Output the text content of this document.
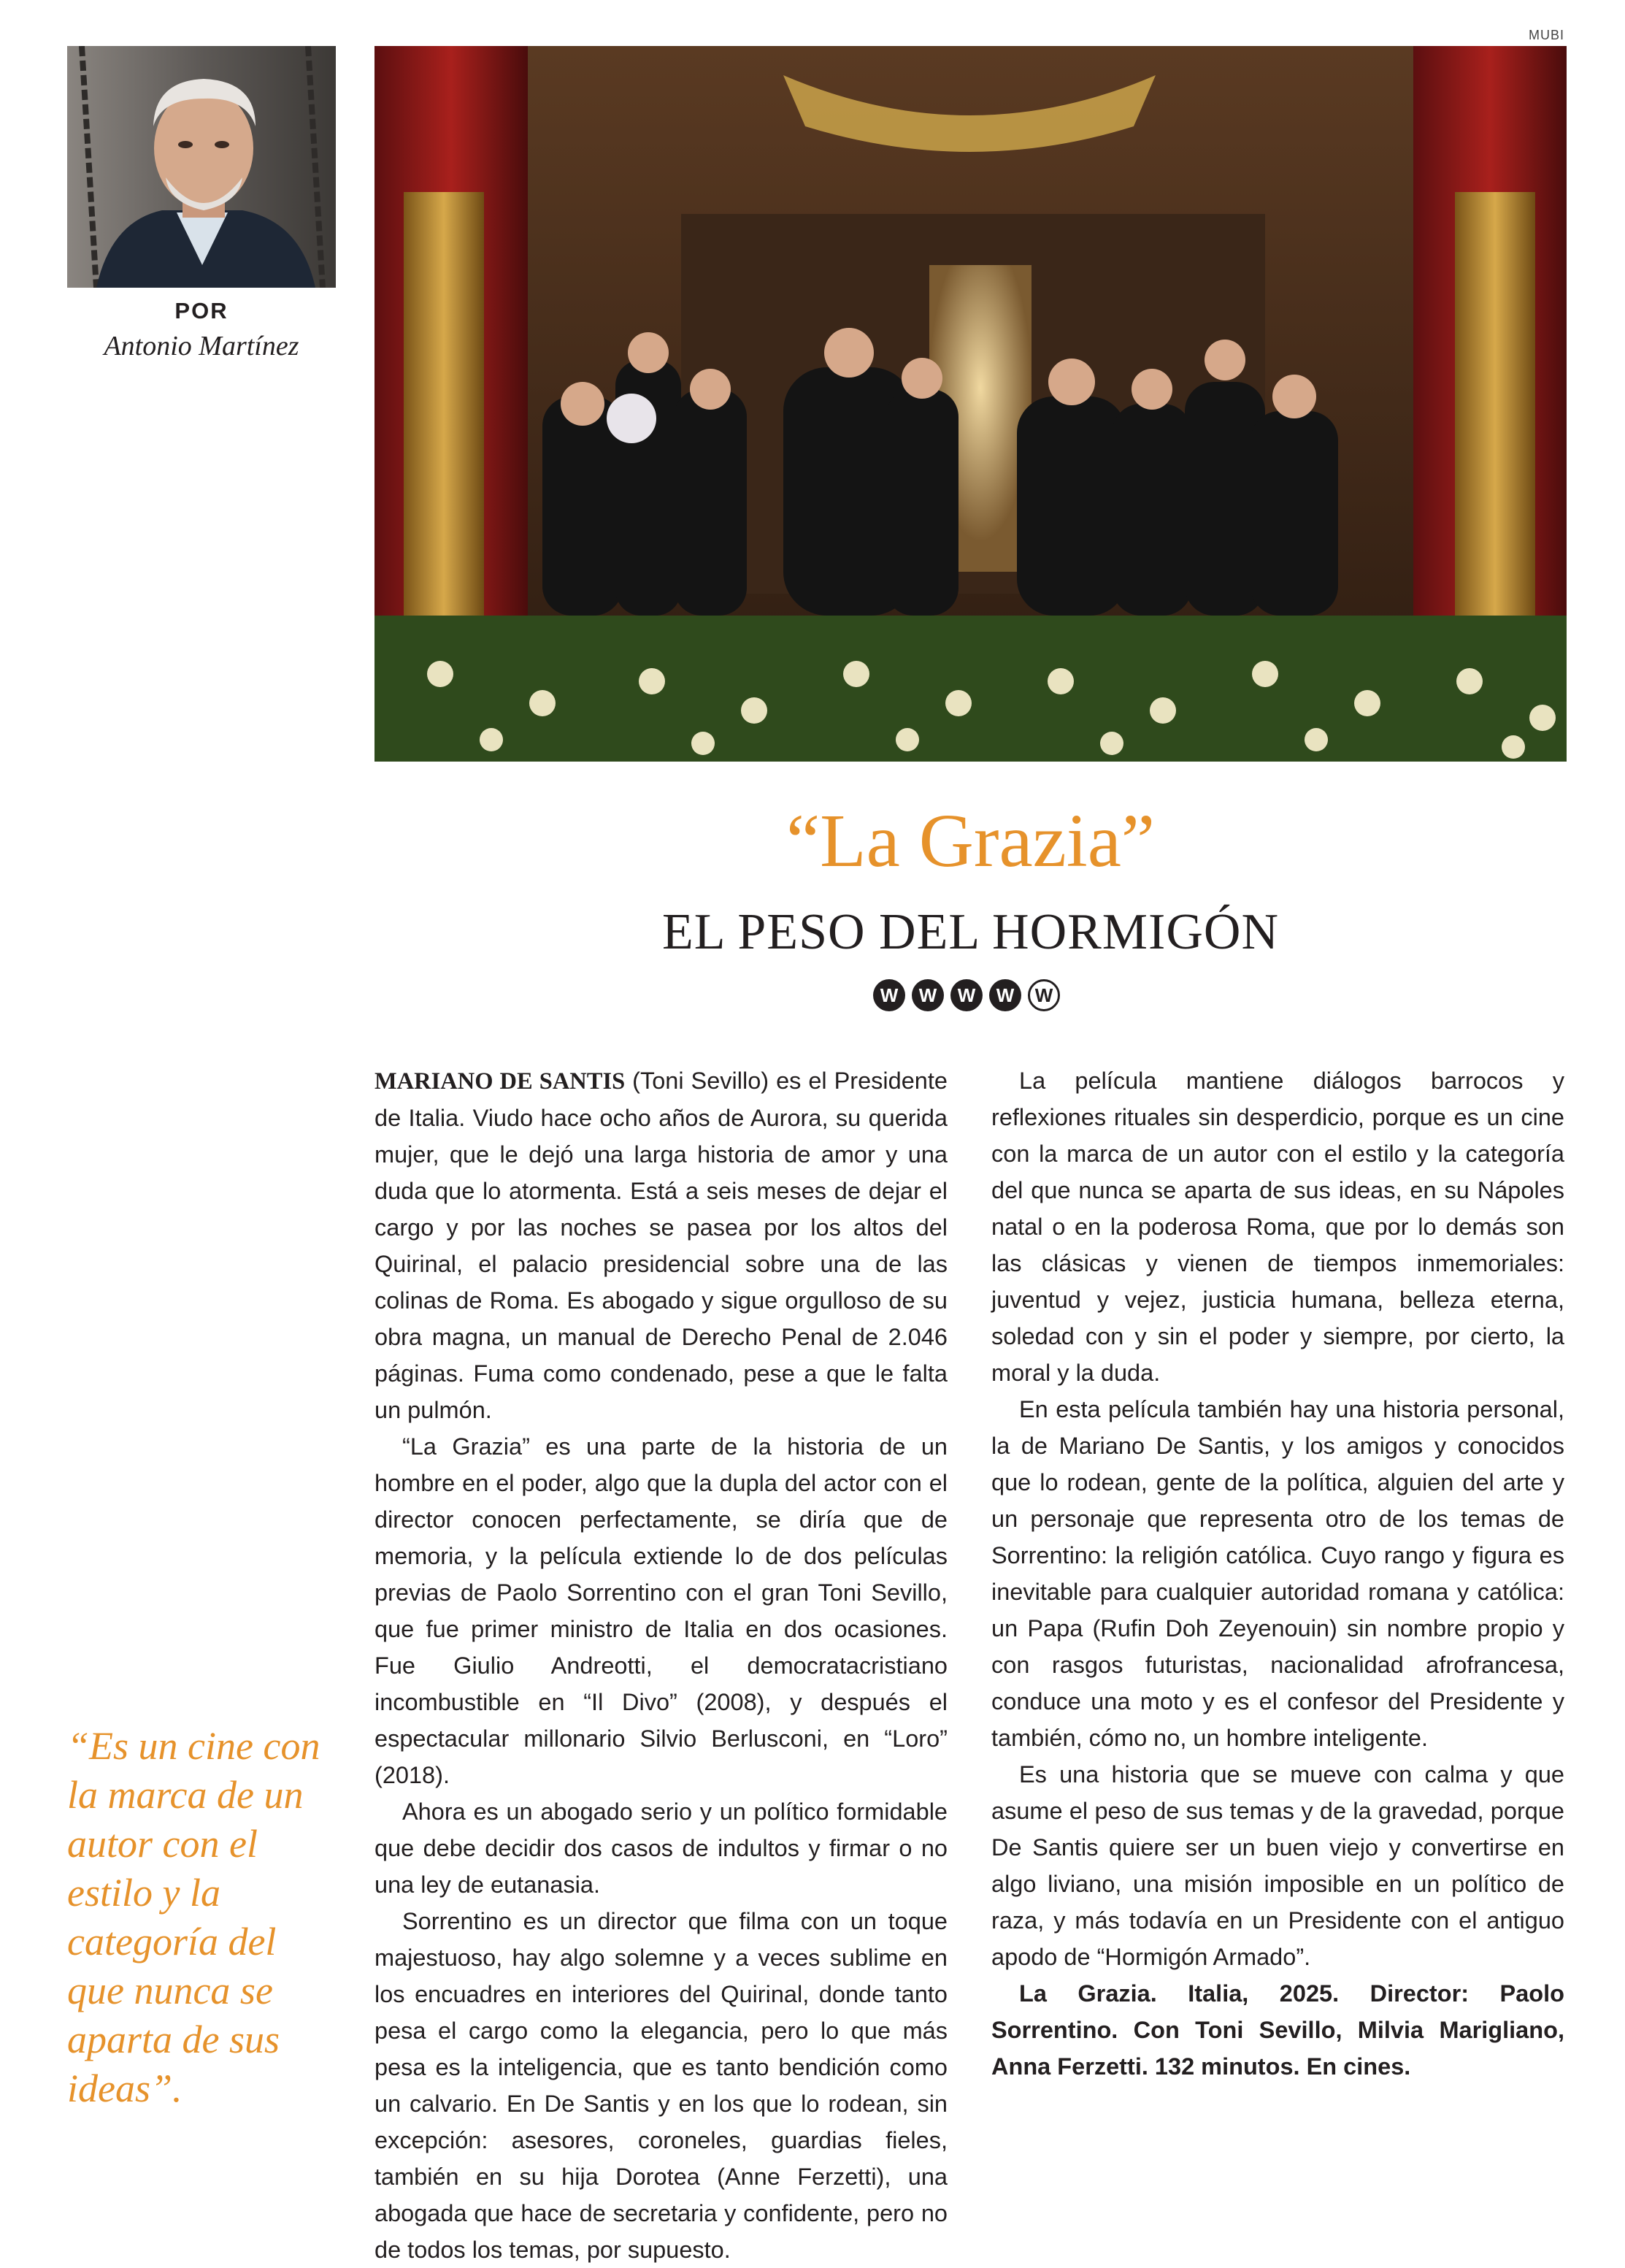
MUBI
POR
Antonio Martínez
“La Grazia”
EL PESO DEL HORMIGÓN
W	W	W	W	W

MARIANO DE SANTIS (Toni Sevillo) es el Presidente de Italia. Viudo hace ocho años de Aurora, su querida mujer, que le dejó una larga historia de amor y una duda que lo atormenta. Está a seis meses de dejar el cargo y por las noches se pasea por los altos del Quirinal, el palacio presidencial sobre una de las colinas de Roma. Es abogado y sigue orgulloso de su obra magna, un manual de Derecho Penal de 2.046 páginas. Fuma como condenado, pese a que le falta un pulmón.

“La Grazia” es una parte de la historia de un hombre en el poder, algo que la dupla del actor con el director conocen perfectamente, se diría que de memoria, y la película extiende lo de dos películas previas de Paolo Sorrentino con el gran Toni Sevillo, que fue primer ministro de Italia en dos ocasiones. Fue Giulio Andreotti, el democratacristiano incombustible en “Il Divo” (2008), y después el espectacular millonario Silvio Berlusconi, en “Loro” (2018).

Ahora es un abogado serio y un político formidable que debe decidir dos casos de indultos y firmar o no una ley de eutanasia.

Sorrentino es un director que filma con un toque majestuoso, hay algo solemne y a veces sublime en los encuadres en interiores del Quirinal, donde tanto pesa el cargo como la elegancia, pero lo que más pesa es la inteligencia, que es tanto bendición como un calvario. En De Santis y en los que lo rodean, sin excepción: asesores, coroneles, guardias fieles, también en su hija Dorotea (Anne Ferzetti), una abogada que hace de secretaria y confidente, pero no de todos los temas, por supuesto.

La película mantiene diálogos barrocos y reflexiones rituales sin desperdicio, porque es un cine con la marca de un autor con el estilo y la categoría del que nunca se aparta de sus ideas, en su Nápoles natal o en la poderosa Roma, que por lo demás son las clásicas y vienen de tiempos inmemoriales: juventud y vejez, justicia humana, belleza eterna, soledad con y sin el poder y siempre, por cierto, la moral y la duda.

En esta película también hay una historia personal, la de Mariano De Santis, y los amigos y conocidos que lo rodean, gente de la política, alguien del arte y un personaje que representa otro de los temas de Sorrentino: la religión católica. Cuyo rango y figura es inevitable para cualquier autoridad romana y católica: un Papa (Rufin Doh Zeyenouin) sin nombre propio y con rasgos futuristas, nacionalidad afrofrancesa, conduce una moto y es el confesor del Presidente y también, cómo no, un hombre inteligente.

Es una historia que se mueve con calma y que asume el peso de sus temas y de la gravedad, porque De Santis quiere ser un buen viejo y convertirse en algo liviano, una misión imposible en un político de raza, y más todavía en un Presidente con el antiguo apodo de “Hormigón Armado”.

La Grazia. Italia, 2025. Director: Paolo Sorrentino. Con Toni Sevillo, Milvia Marigliano, Anna Ferzetti. 132 minutos. En cines.

“Es un cine con la marca de un autor con el estilo y la categoría del que nunca se aparta de sus ideas”.
